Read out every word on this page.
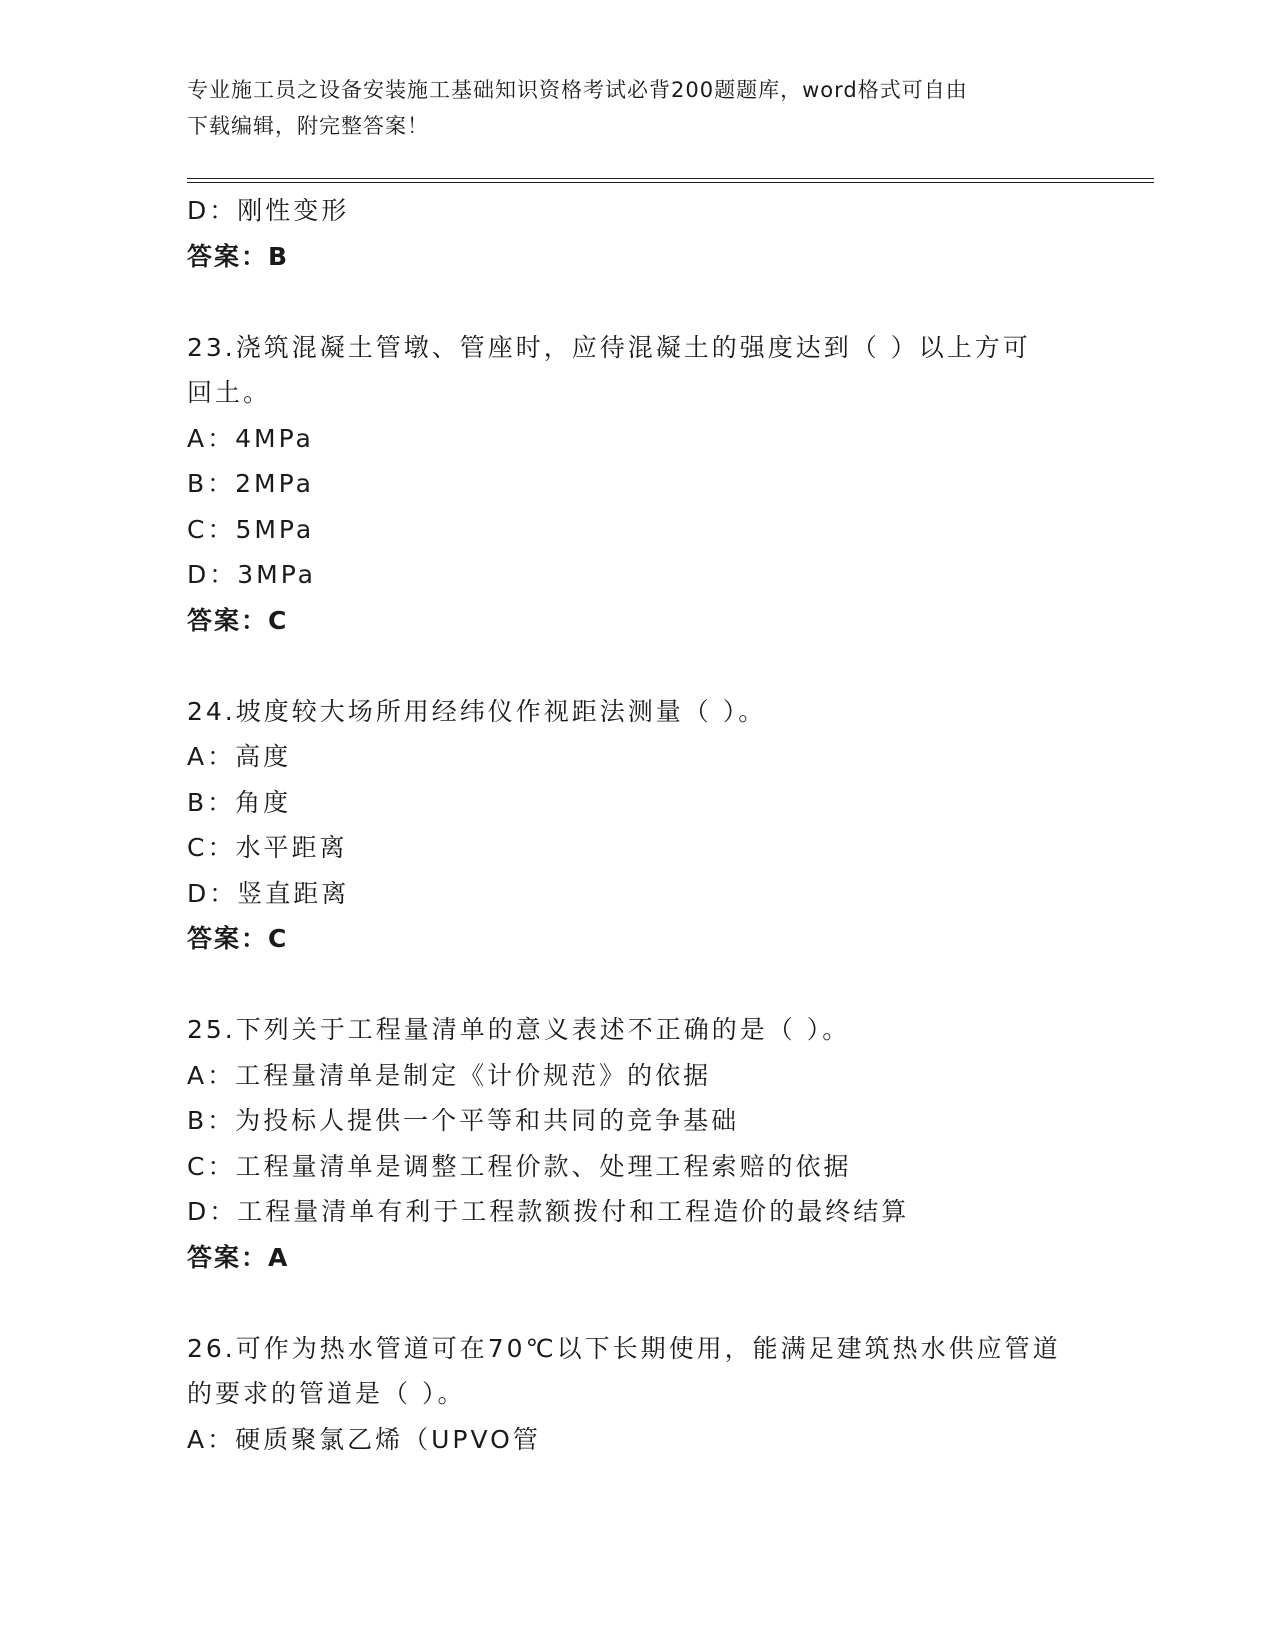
专业施工员之设备安装施工基础知识资格考试必背200题题库，word格式可自由
下载编辑，附完整答案！
D：刚性变形
答案：B
23.浇筑混凝土管墩、管座时，应待混凝土的强度达到（ ）以上方可
回土。
A：4MPa
B：2MPa
C：5MPa
D：3MPa
答案：C
24.坡度较大场所用经纬仪作视距法测量（ ）。
A：高度
B：角度
C：水平距离
D：竖直距离
答案：C
25.下列关于工程量清单的意义表述不正确的是（ ）。
A：工程量清单是制定《计价规范》的依据
B：为投标人提供一个平等和共同的竞争基础
C：工程量清单是调整工程价款、处理工程索赔的依据
D：工程量清单有利于工程款额拨付和工程造价的最终结算
答案：A
26.可作为热水管道可在70℃以下长期使用，能满足建筑热水供应管道
的要求的管道是（ ）。
A：硬质聚氯乙烯（UPVO管
